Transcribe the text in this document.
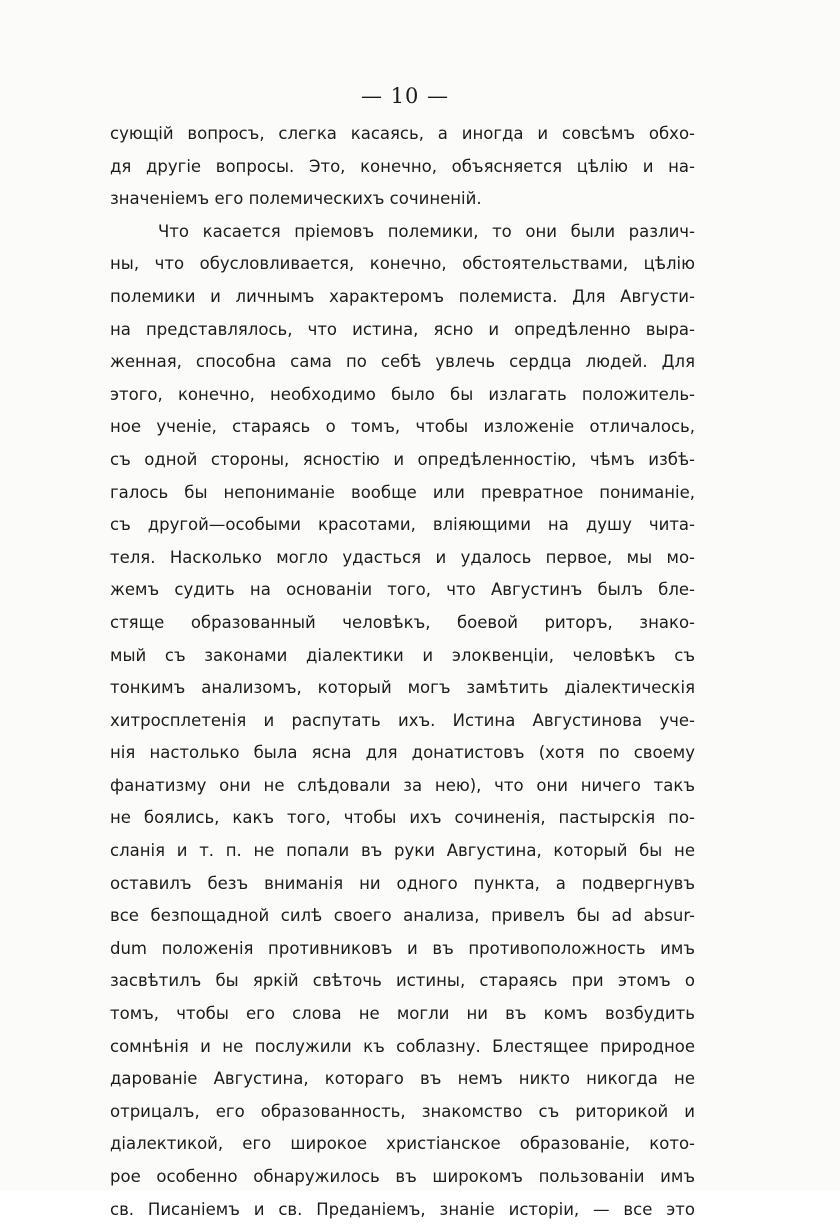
— 10 —
сующій вопросъ, слегка касаясь, а иногда и совсѣмъ обхо-
дя другіе вопросы. Это, конечно, объясняется цѣлію и на-
значеніемъ его полемическихъ сочиненій.
Что касается пріемовъ полемики, то они были различ-
ны, что обусловливается, конечно, обстоятельствами, цѣлію
полемики и личнымъ характеромъ полемиста. Для Августи-
на представлялось, что истина, ясно и опредѣленно выра-
женная, способна сама по себѣ увлечь сердца людей. Для
этого, конечно, необходимо было бы излагать положитель-
ное ученіе, стараясь о томъ, чтобы изложеніе отличалось,
съ одной стороны, ясностію и опредѣленностію, чѣмъ избѣ-
галось бы непониманіе вообще или превратное пониманіе,
съ другой—особыми красотами, вліяющими на душу чита-
теля. Насколько могло удасться и удалось первое, мы мо-
жемъ судить на основаніи того, что Августинъ былъ бле-
стяще образованный человѣкъ, боевой риторъ, знако-
мый съ законами діалектики и элоквенціи, человѣкъ съ
тонкимъ анализомъ, который могъ замѣтить діалектическія
хитросплетенія и распутать ихъ. Истина Августинова уче-
нія настолько была ясна для донатистовъ (хотя по своему
фанатизму они не слѣдовали за нею), что они ничего такъ
не боялись, какъ того, чтобы ихъ сочиненія, пастырскія по-
сланія и т. п. не попали въ руки Августина, который бы не
оставилъ безъ вниманія ни одного пункта, а подвергнувъ
все безпощадной силѣ своего анализа, привелъ бы ad absur-
dum положенія противниковъ и въ противоположность имъ
засвѣтилъ бы яркій свѣточь истины, стараясь при этомъ о
томъ, чтобы его слова не могли ни въ комъ возбудить
сомнѣнія и не послужили къ соблазну. Блестящее природное
дарованіе Августина, котораго въ немъ никто никогда не
отрицалъ, его образованность, знакомство съ риторикой и
діалектикой, его широкое христіанское образованіе, кото-
рое особенно обнаружилось въ широкомъ пользованіи имъ
св. Писаніемъ и св. Преданіемъ, знаніе исторіи, — все это
